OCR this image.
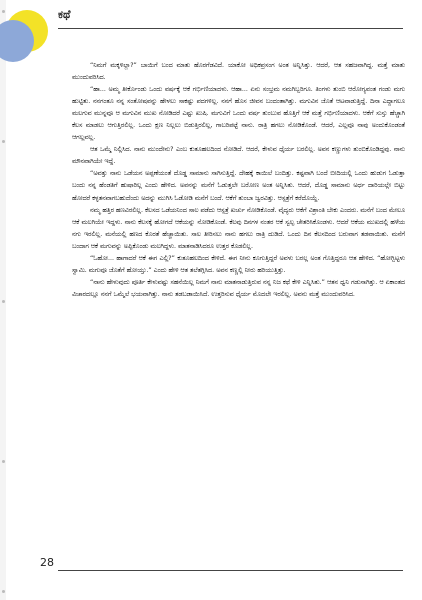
ಕಥೆ

“ನಿಮಗೆ ಮಕ್ಕಳಿಲ್ಲಾ?” ಬಾಯಿಗೆ ಬಂದ ಮಾತು ಹೊರಗೆಡವಿದೆ. ಯಾಕೋ ಅಧಿಕಪ್ರಸಂಗ ಅಂತ ಅನ್ನಿಸಿತ್ತು. ಆದರೆ, ಆತ ಸಹಜವಾಗಿದ್ದ. ಮತ್ತೆ ಮಾತು ಮುಂದುವರಿಸಿದ.

“ಹಾ... ಅಮ್ಮ ತೀರ್ಕೊಂಡು ಒಂದು ವರ್ಷಕ್ಕೆ ಆಕೆ ಗರ್ಭಿಣಿಯಾದಳು. ಆಹಾ... ಏನು ಸಂಭ್ರಮ ನಮಗಿಬ್ಬರಿಗೂ. ತಿಂಗಳು ತುಂಬಿ ಆರೋಗ್ಯವಂತ ಗಂಡು ಮಗು ಹುಟ್ಟಿತು. ನನಗಂತೂ ನನ್ನ ಸಂತೋಷವನ್ನು ಹೇಳಲು ಸಾಕಷ್ಟು ಪದಗಳಿಲ್ಲ. ನನಗೆ ಹೊಸ ಜೀವನ ಬಂದಂತಾಗಿತ್ತು. ಮಗುವಿನ ಜೊತೆ ಆಟವಾಡುತ್ತಿದ್ದೆ. ದಿನಾ ಎದ್ದಾಗಲೂ ಮಲಗುವ ಮುನ್ನವೂ ಆ ಮಗುವಿನ ಮುಖ ನೋಡಿದರೆ ಎಷ್ಟು ಖುಷಿ. ಮಗುವಿಗೆ ಒಂದು ವರ್ಷ ತುಂಬುವ ಹೊತ್ತಿಗೆ ಆಕೆ ಮತ್ತೆ ಗರ್ಭಿಣಿಯಾದಳು. ಆಕೆಗೆ ಸುಸ್ತು ಹೆಚ್ಚಾಗಿ ಕೆಲಸ ಮಾಡಲು ಆಗುತ್ತಿರಲಿಲ್ಲ. ಒಂದು ಕ್ಷಣ ನಿಲ್ಲಲು ಬಿಡುತ್ತಿರಲಿಲ್ಲ, ಗಾಬರಿಪಟ್ಟೆ ನಾನು. ರಾತ್ರಿ ಹಗಲು ನೋಡಿಕೊಂಡೆ. ಆದರೆ, ಎಲ್ಲವೂ ನಾವು ಅಂದುಕೊಂಡಂತೆ ಆಗಲ್ಲವಲ್ಲ.

ಆತ ಒಮ್ಮೆ ನಿಲ್ಲಿಸಿದ. ನಾನು ಮುಂದೇನು? ಎಂಬ ಕುತೂಹಲದಿಂದ ನೋಡಿದೆ. ಆದರೆ, ಕೇಳುವ ಧೈರ್ಯ ಬರಲಿಲ್ಲ. ಅವನ ಕಣ್ಣುಗಳು ತುಂಬಿಕೊಂಡಿದ್ದವು. ನಾನು ಮೌನವಾಗಿಯೇ ಇದ್ದೆ.

“ಅವತ್ತು ನಾನು ಒಡೆಯನ ಅಪ್ಪಣೆಯಂತೆ ದೊಡ್ಡ ಸಾಮಾನು ಸಾಗಿಸುತ್ತಿದ್ದೆ. ದೇಹಕ್ಕೆ ಕಾಯಿಲೆ ಬಂದಿತ್ತು. ಕಷ್ಟವಾಗಿ ಬಂದೆ ಬೀದಿಯಲ್ಲಿ ಒಂದು ಹುಡುಗ ಓಡುತ್ತಾ ಬಂದು ನನ್ನ ಹೆಂಡತಿಗೆ ಹುಷಾರಿಲ್ಲ ಎಂದು ಹೇಳಿದ. ಅವನನ್ನು ಮನೆಗೆ ಓಡುತ್ತಲೇ ಬರೋಣ ಅಂತ ಅನ್ನಿಸಿತು. ಆದರೆ, ದೊಡ್ಡ ಸಾಮಾನು ಅರ್ಧ ದಾರಿಯಲ್ಲೇ ಬಿಟ್ಟು ಹೋದರೆ ಕಳ್ಳತನವಾಗಬಹುದೆಂದು ಅದನ್ನು ಮುಗಿಸಿ ಓಡೋಡಿ ಮನೆಗೆ ಬಂದೆ. ಆಕೆಗೆ ತುಂಬಾ ಜ್ವರವಿತ್ತು. ಆಸ್ಪತ್ರೆಗೆ ಕರೆದೊಯ್ದೆ.

ನಮ್ಮ ಹತ್ತಿರ ಹಣವಿರಲಿಲ್ಲ. ಕೆಲಸದ ಒಡೆಯನಿಂದ ಸಾಲ ಪಡೆದು ಆಸ್ಪತ್ರೆ ಖರ್ಚು ನೋಡಿಕೊಂಡೆ. ವೈದ್ಯರು ಆಕೆಗೆ ವಿಶ್ರಾಂತಿ ಬೇಕು ಎಂದರು. ಮನೆಗೆ ಬಂದ ಮೇಲೂ ಆಕೆ ಮಲಗಿಯೇ ಇದ್ದಳು. ನಾನು ಕೆಲಸಕ್ಕೆ ಹೋಗದೆ ಆಕೆಯನ್ನು ನೋಡಿಕೊಂಡೆ. ಕೆಲವು ದಿನಗಳ ನಂತರ ಆಕೆ ಸ್ವಲ್ಪ ಚೇತರಿಸಿಕೊಂಡಳು. ಆದರೆ ಆಕೆಯ ಮುಖದಲ್ಲಿ ಹಳೆಯ ನಗು ಇರಲಿಲ್ಲ. ಮನೆಯಲ್ಲಿ ಹಣದ ಕೊರತೆ ಹೆಚ್ಚಾಯಿತು. ಸಾಲ ತೀರಿಸಲು ನಾನು ಹಗಲು ರಾತ್ರಿ ದುಡಿದೆ. ಒಂದು ದಿನ ಕೆಲಸದಿಂದ ಬರುವಾಗ ತಡವಾಯಿತು. ಮನೆಗೆ ಬಂದಾಗ ಆಕೆ ಮಗುವನ್ನು ಅಪ್ಪಿಕೊಂಡು ಮಲಗಿದ್ದಳು. ಮಾತನಾಡಿಸಿದರೂ ಉತ್ತರ ಕೊಡಲಿಲ್ಲ.

“ಓಹೋ... ಹಾಗಾದರೆ ಆಕೆ ಈಗ ಎಲ್ಲಿ?” ಕುತೂಹಲದಿಂದ ಕೇಳಿದೆ. ಈಗ ನೀನು ಕೂಗುತ್ತಿದ್ದರೆ ಅವಳು ಬರಲ್ಲ ಅಂತ ಗೊತ್ತಿದ್ದರೂ ಆತ ಹೇಳಿದ. “ಹೋಗ್ಬಿಟ್ಟಳು ಸ್ವಾಮಿ. ಮಗುವೂ ಜೊತೆಗೆ ಹೋಯ್ತು.” ಎಂದು ಹೇಳಿ ಆತ ತಲೆತಗ್ಗಿಸಿದ. ಅವನ ಕಣ್ಣಲ್ಲಿ ನೀರು ಹರಿಯುತ್ತಿತ್ತು.

“ನಾನು ಹೇಳುವುದು ಪೂರ್ತಿ ಕೇಳುವಷ್ಟು ಸಹನೆಯಿಲ್ಲ ನಿಮಗೆ ನಾನು ಮಾತನಾಡುತ್ತಿರುವ ನನ್ನ ನಿಜ ಕಥೆ ಕೇಳಿ ಎನ್ನಿಸಿತು.” ಆತನ ಧ್ವನಿ ಗಡುಸಾಗಿತ್ತು. ಆ ಏಕಾಂತದ ವಿಚಾರದಲ್ಲೂ ನನಗೆ ಒಮ್ಮೆಲೆ ಭಯವಾಗಿತ್ತು. ನಾನು ತಡಬಡಾಯಿಸಿದೆ. ಉತ್ತರಿಸುವ ಧೈರ್ಯ ಮೊದಲೇ ಇರಲಿಲ್ಲ. ಅವನು ಮತ್ತೆ ಮುಂದುವರಿಸಿದ.

28
